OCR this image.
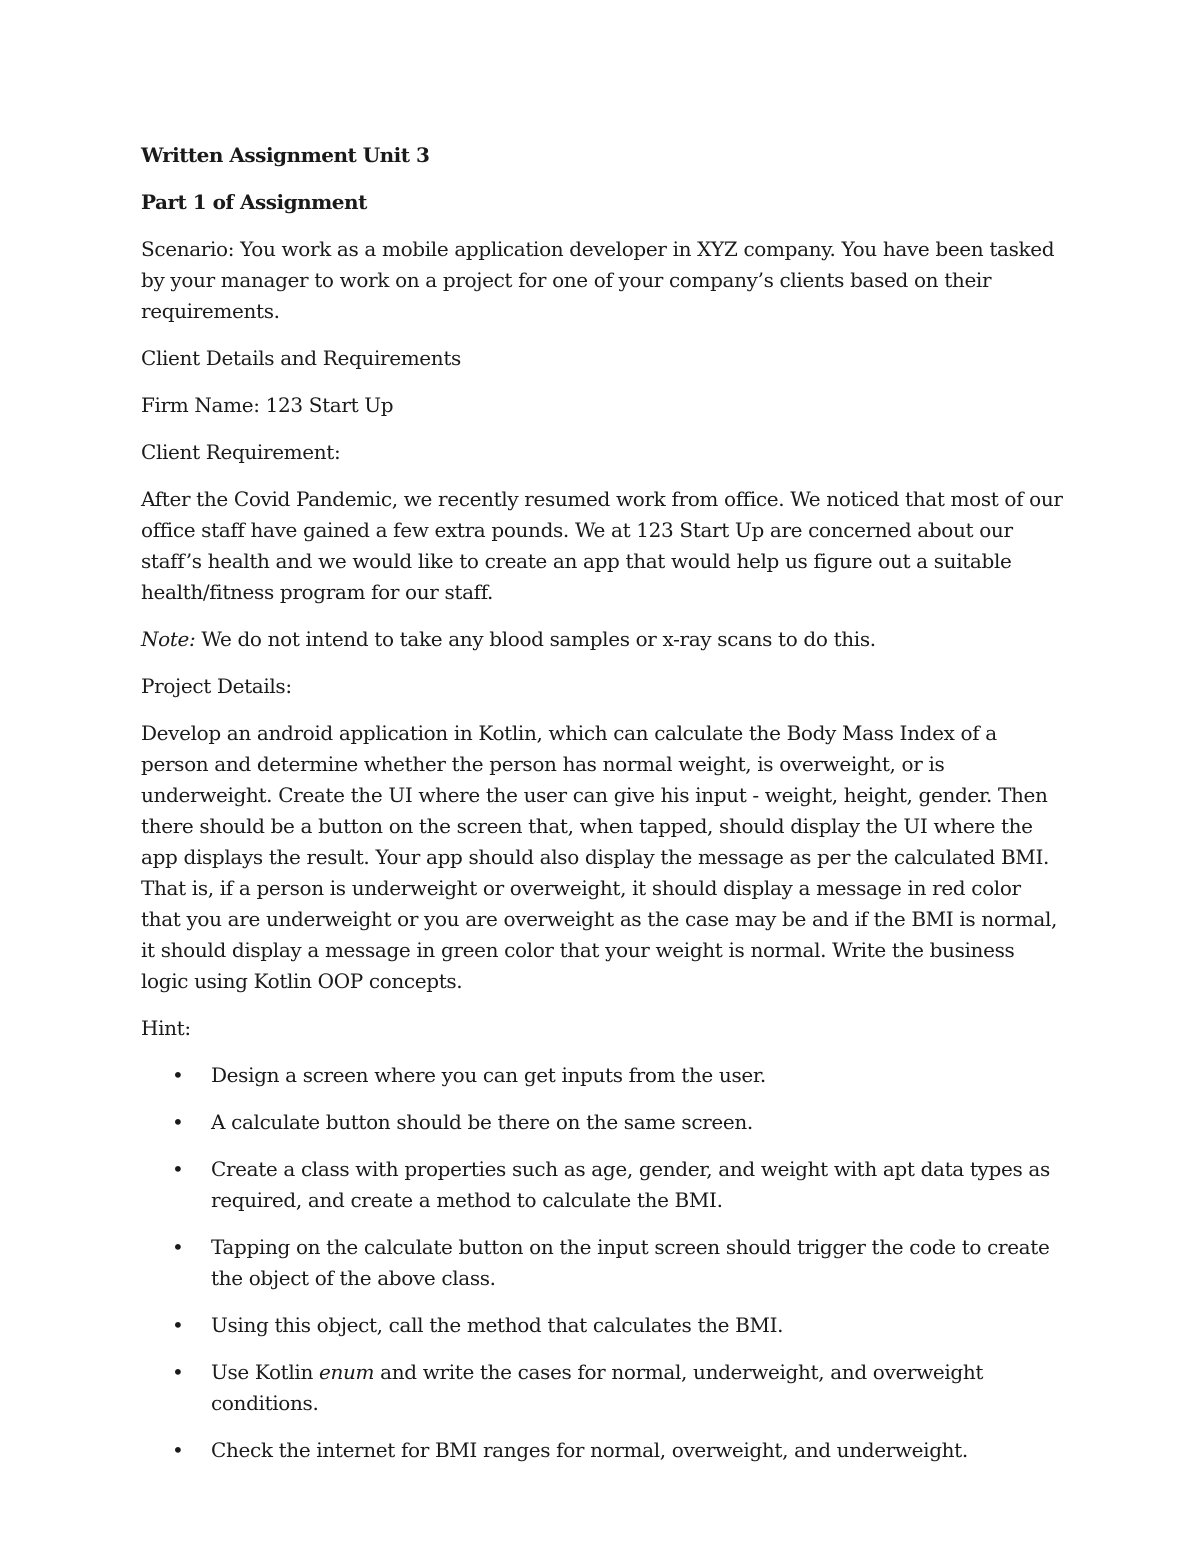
Written Assignment Unit 3

Part 1 of Assignment

Scenario: You work as a mobile application developer in XYZ company. You have been tasked by your manager to work on a project for one of your company’s clients based on their requirements.

Client Details and Requirements

Firm Name: 123 Start Up

Client Requirement:

After the Covid Pandemic, we recently resumed work from office. We noticed that most of our office staff have gained a few extra pounds. We at 123 Start Up are concerned about our staff’s health and we would like to create an app that would help us figure out a suitable health/fitness program for our staff.

Note: We do not intend to take any blood samples or x-ray scans to do this.

Project Details:

Develop an android application in Kotlin, which can calculate the Body Mass Index of a person and determine whether the person has normal weight, is overweight, or is underweight. Create the UI where the user can give his input - weight, height, gender. Then there should be a button on the screen that, when tapped, should display the UI where the app displays the result. Your app should also display the message as per the calculated BMI. That is, if a person is underweight or overweight, it should display a message in red color that you are underweight or you are overweight as the case may be and if the BMI is normal, it should display a message in green color that your weight is normal. Write the business logic using Kotlin OOP concepts.

Hint:

• Design a screen where you can get inputs from the user.
• A calculate button should be there on the same screen.
• Create a class with properties such as age, gender, and weight with apt data types as required, and create a method to calculate the BMI.
• Tapping on the calculate button on the input screen should trigger the code to create the object of the above class.
• Using this object, call the method that calculates the BMI.
• Use Kotlin enum and write the cases for normal, underweight, and overweight conditions.
• Check the internet for BMI ranges for normal, overweight, and underweight.
